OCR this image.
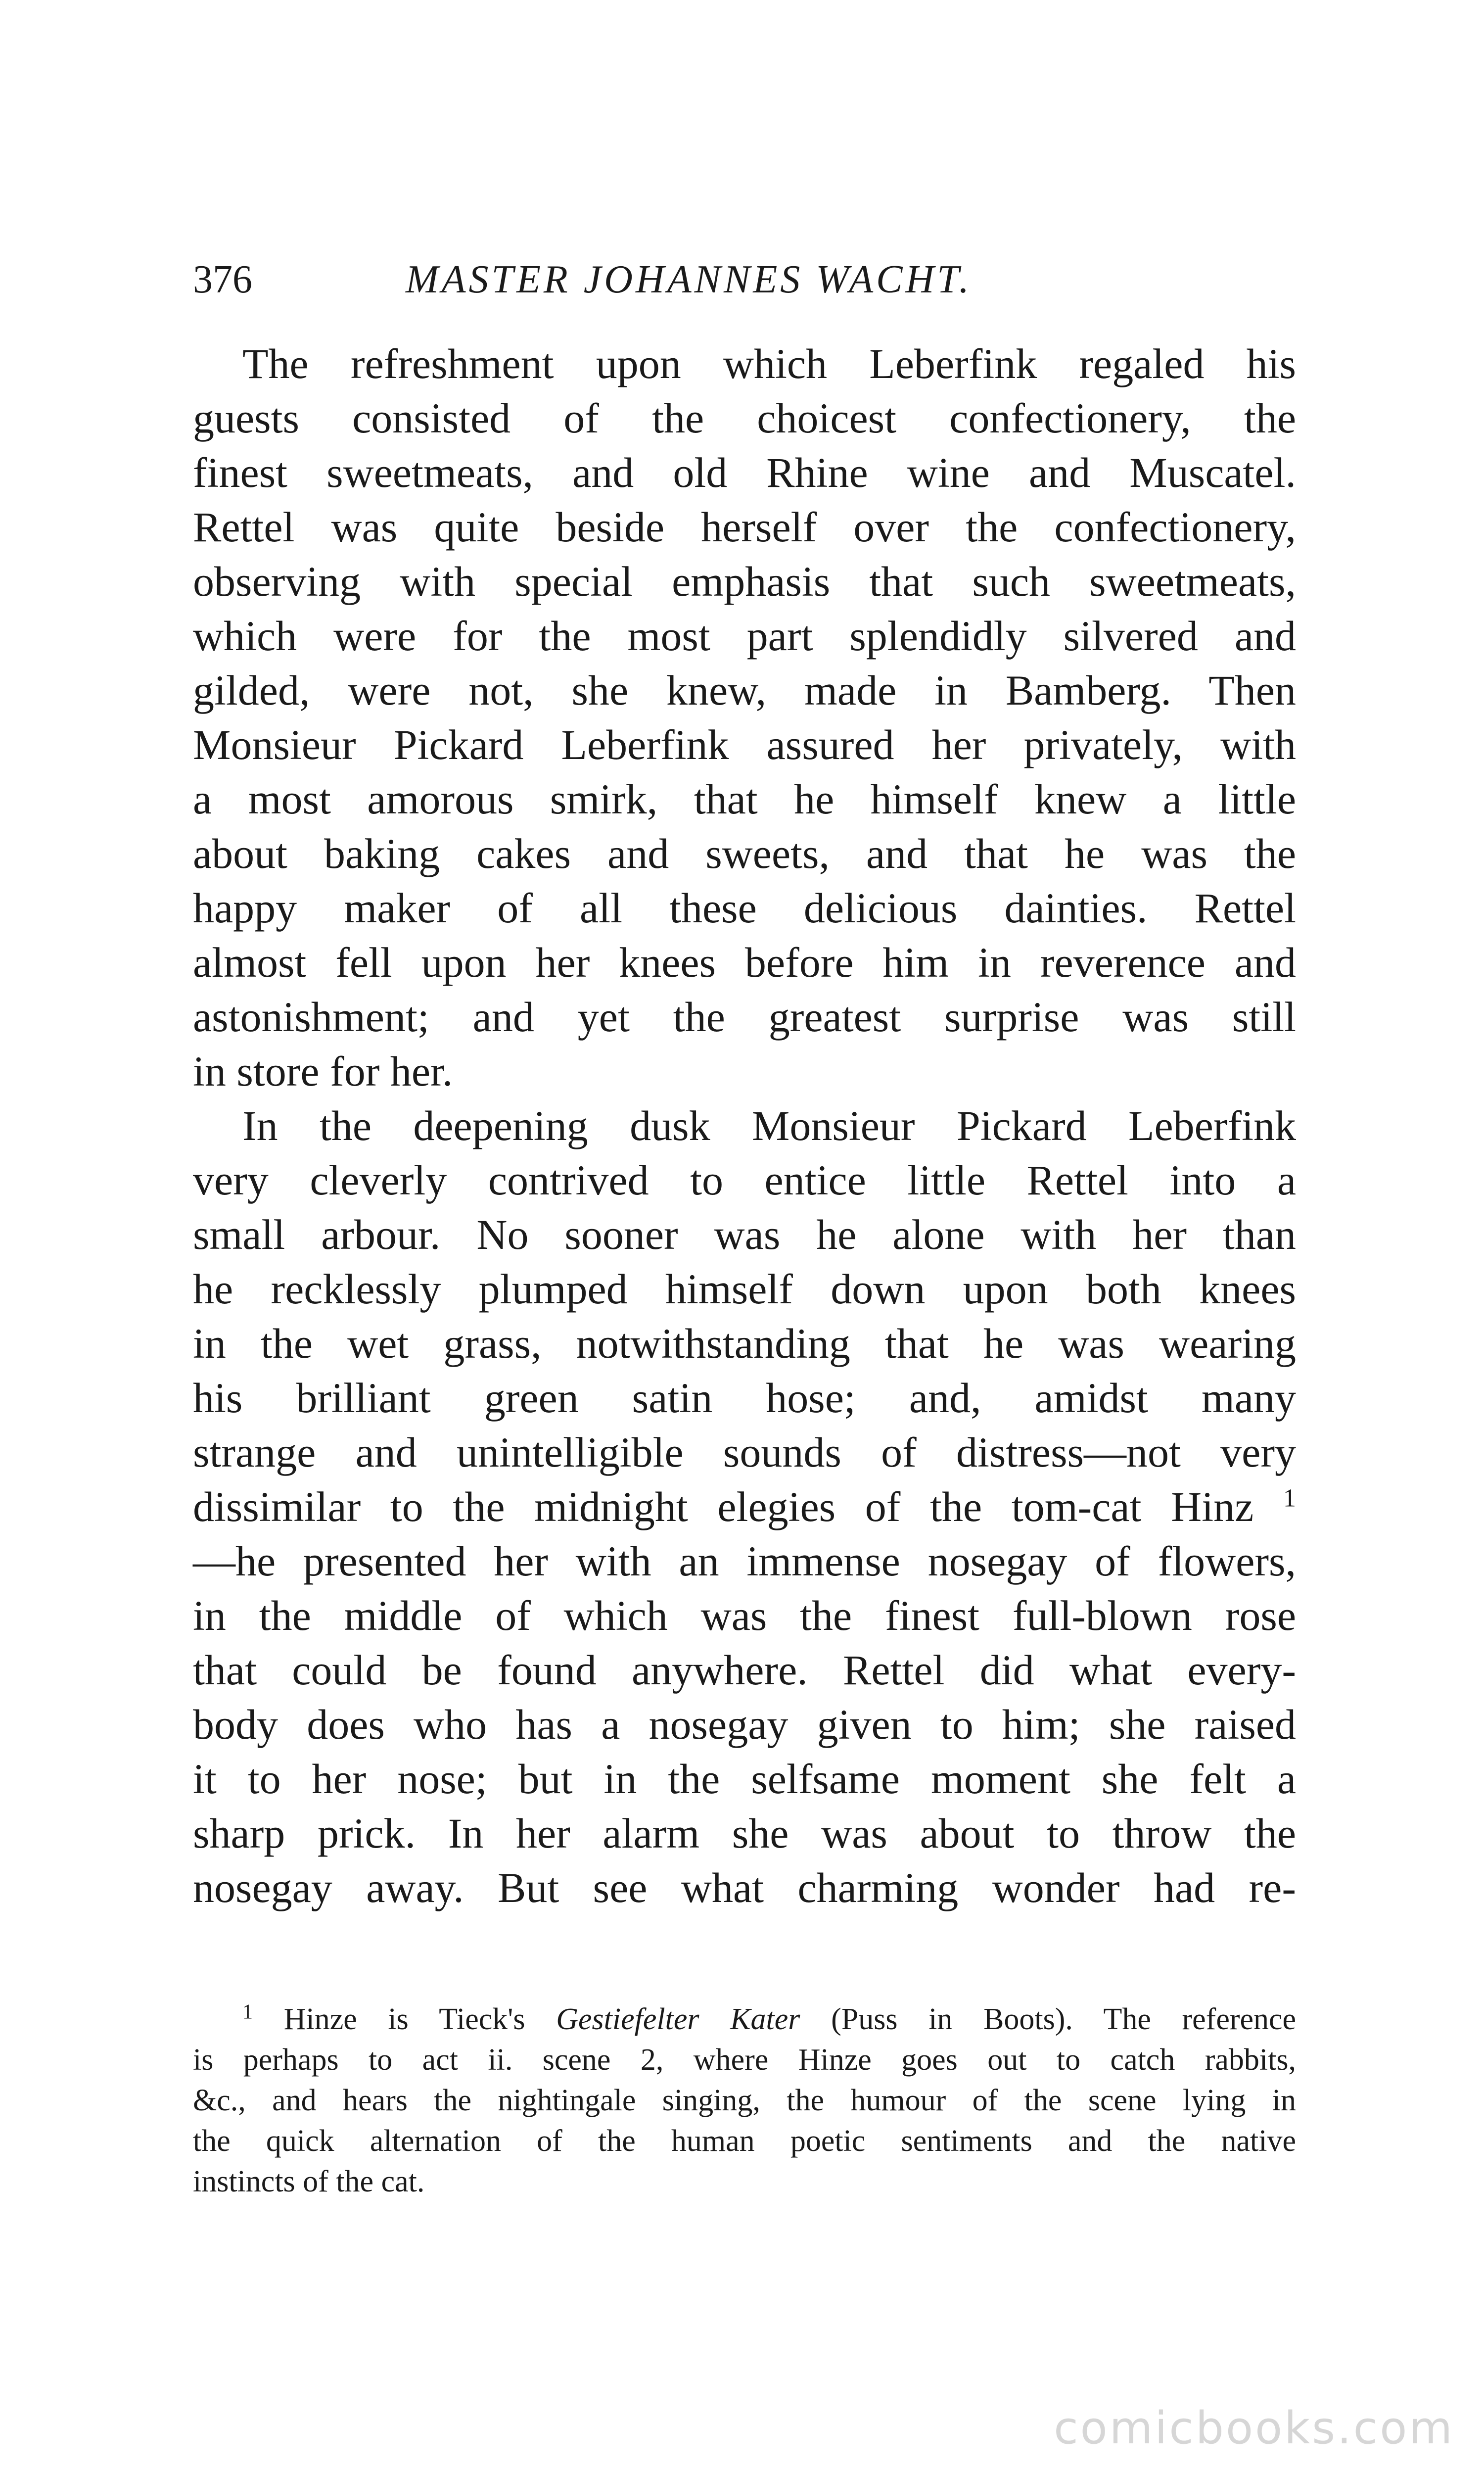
376	MASTER JOHANNES WACHT.
The refreshment upon which Leberfink regaled his
guests consisted of the choicest confectionery, the
finest sweetmeats, and old Rhine wine and Muscatel.
Rettel was quite beside herself over the confectionery,
observing with special emphasis that such sweetmeats,
which were for the most part splendidly silvered and
gilded, were not, she knew, made in Bamberg. Then
Monsieur Pickard Leberfink assured her privately, with
a most amorous smirk, that he himself knew a little
about baking cakes and sweets, and that he was the
happy maker of all these delicious dainties. Rettel
almost fell upon her knees before him in reverence and
astonishment; and yet the greatest surprise was still
in store for her.
In the deepening dusk Monsieur Pickard Leberfink
very cleverly contrived to entice little Rettel into a
small arbour. No sooner was he alone with her than
he recklessly plumped himself down upon both knees
in the wet grass, notwithstanding that he was wearing
his brilliant green satin hose; and, amidst many
strange and unintelligible sounds of distress—not very
dissimilar to the midnight elegies of the tom-cat Hinz $^1$
—he presented her with an immense nosegay of flowers,
in the middle of which was the finest full-blown rose
that could be found anywhere. Rettel did what every-
body does who has a nosegay given to him; she raised
it to her nose; but in the selfsame moment she felt a
sharp prick. In her alarm she was about to throw the
nosegay away. But see what charming wonder had re-
$^1$ Hinze is Tieck's Gestiefelter Kater (Puss in Boots). The reference
is perhaps to act ii. scene 2, where Hinze goes out to catch rabbits,
&c., and hears the nightingale singing, the humour of the scene lying in
the quick alternation of the human poetic sentiments and the native
instincts of the cat.
comicbooks.com
